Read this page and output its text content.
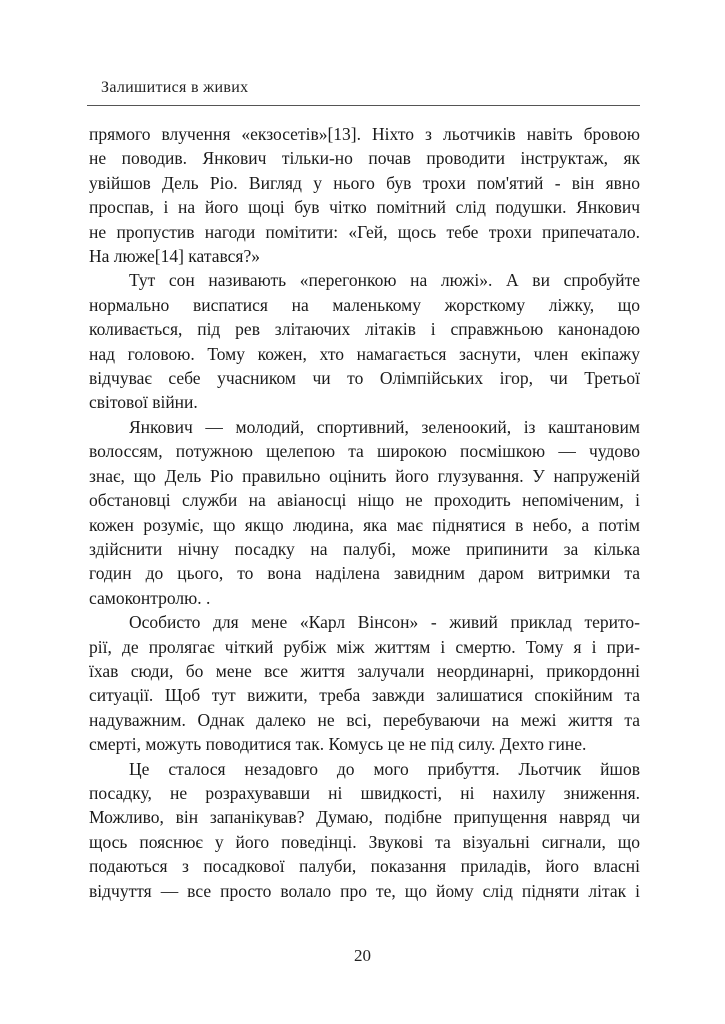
Залишитися в живих
прямого влучення «екзосетів»[13]. Ніхто з льотчиків навіть бровою
не поводив. Янкович тільки-но почав проводити інструктаж, як
увійшов Дель Ріо. Вигляд у нього був трохи пом'ятий - він явно
проспав, і на його щоці був чітко помітний слід подушки. Янкович
не пропустив нагоди помітити: «Гей, щось тебе трохи припечатало.
На люже[14] катався?»
Тут сон називають «перегонкою на люжі». А ви спробуйте
нормально виспатися на маленькому жорсткому ліжку, що
коливається, під рев злітаючих літаків і справжньою канонадою
над головою. Тому кожен, хто намагається заснути, член екіпажу
відчуває себе учасником чи то Олімпійських ігор, чи Третьої
світової війни.
Янкович — молодий, спортивний, зеленоокий, із каштановим
волоссям, потужною щелепою та широкою посмішкою — чудово
знає, що Дель Ріо правильно оцінить його глузування. У напруженій
обстановці служби на авіаносці ніщо не проходить непоміченим, і
кожен розуміє, що якщо людина, яка має піднятися в небо, а потім
здійснити нічну посадку на палубі, може припинити за кілька
годин до цього, то вона наділена завидним даром витримки та
самоконтролю. .
Особисто для мене «Карл Вінсон» - живий приклад терито-
рії, де пролягає чіткий рубіж між життям і смертю. Тому я і при-
їхав сюди, бо мене все життя залучали неординарні, прикордонні
ситуації. Щоб тут вижити, треба завжди залишатися спокійним та
надуважним. Однак далеко не всі, перебуваючи на межі життя та
смерті, можуть поводитися так. Комусь це не під силу. Дехто гине.
Це сталося незадовго до мого прибуття. Льотчик йшов
посадку, не розрахувавши ні швидкості, ні нахилу зниження.
Можливо, він запанікував? Думаю, подібне припущення навряд чи
щось пояснює у його поведінці. Звукові та візуальні сигнали, що
подаються з посадкової палуби, показання приладів, його власні
відчуття — все просто волало про те, що йому слід підняти літак і
20
